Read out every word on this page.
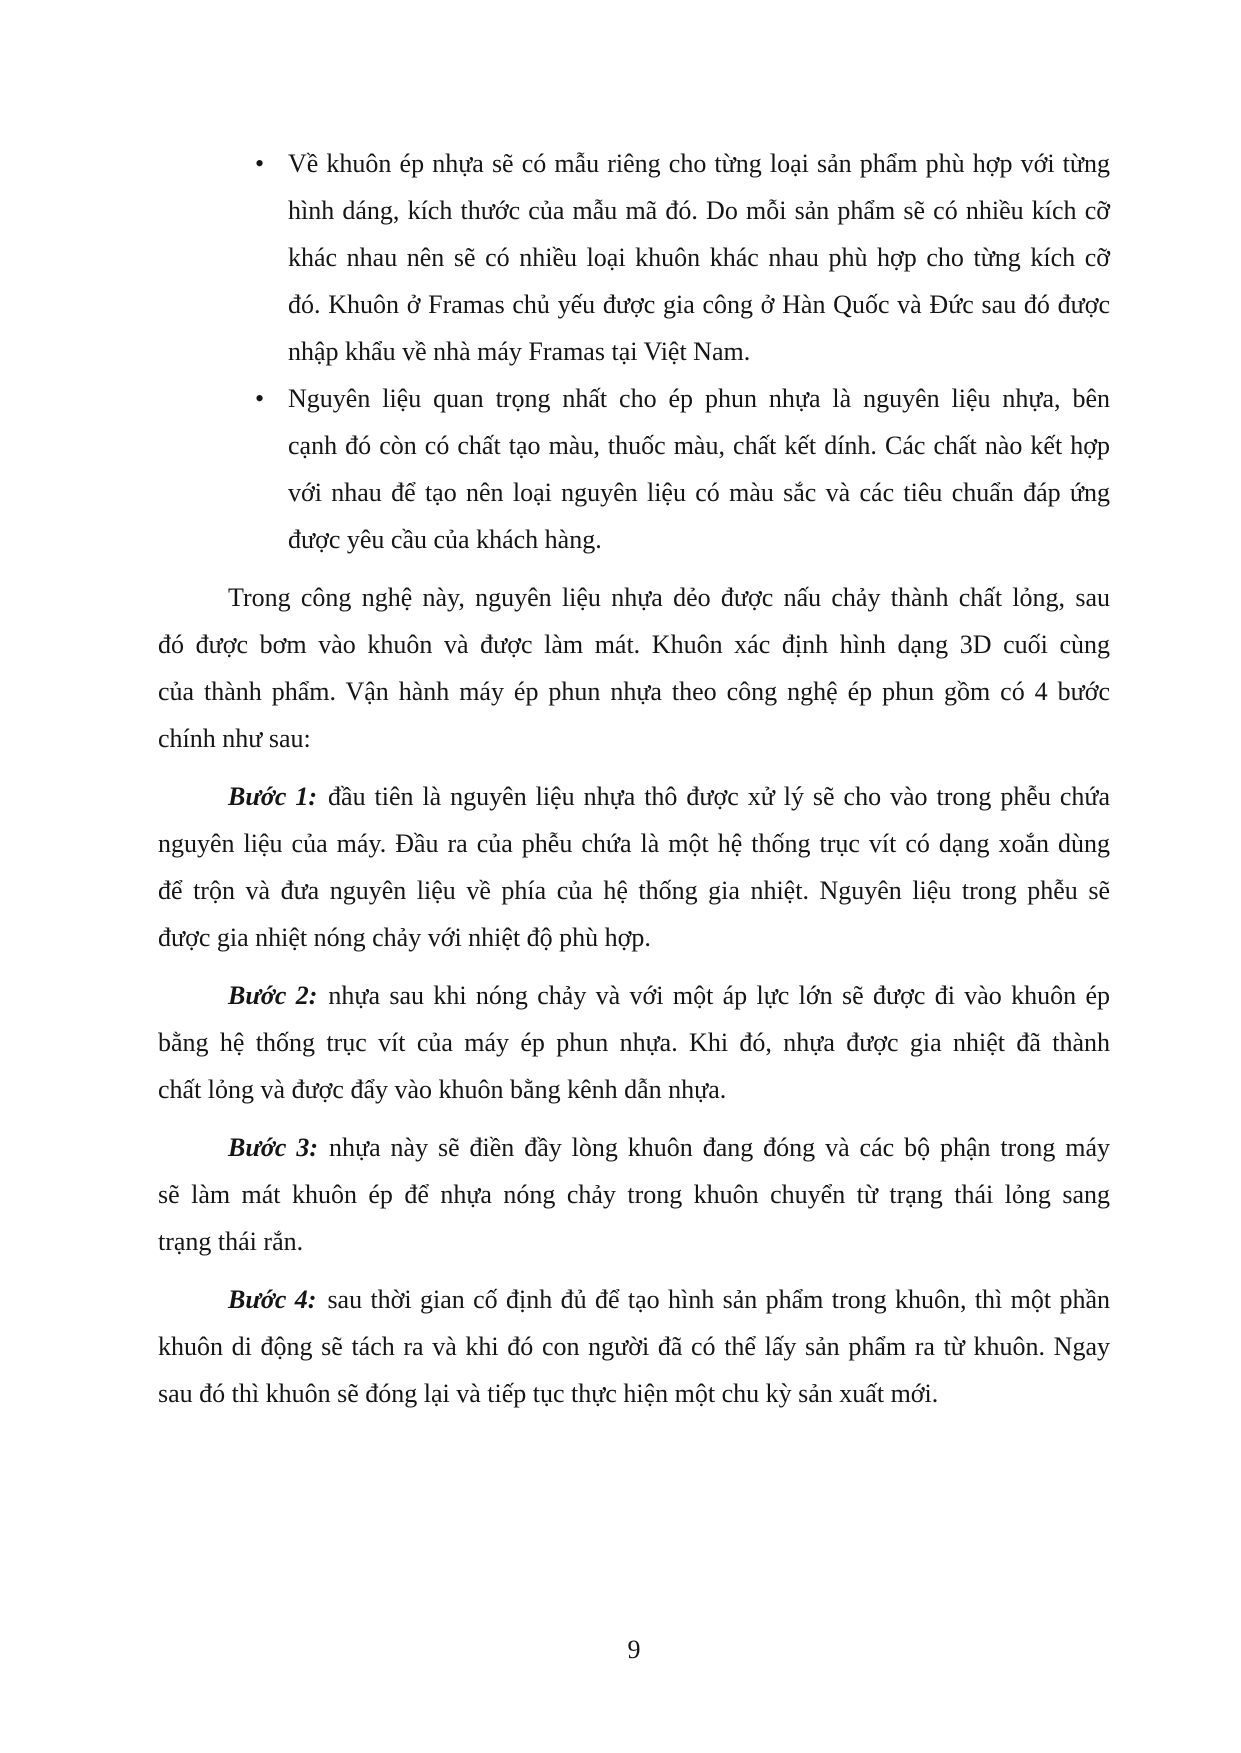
• Về khuôn ép nhựa sẽ có mẫu riêng cho từng loại sản phẩm phù hợp với từng
hình dáng, kích thước của mẫu mã đó. Do mỗi sản phẩm sẽ có nhiều kích cỡ
khác nhau nên sẽ có nhiều loại khuôn khác nhau phù hợp cho từng kích cỡ
đó. Khuôn ở Framas chủ yếu được gia công ở Hàn Quốc và Đức sau đó được
nhập khẩu về nhà máy Framas tại Việt Nam.
• Nguyên liệu quan trọng nhất cho ép phun nhựa là nguyên liệu nhựa, bên
cạnh đó còn có chất tạo màu, thuốc màu, chất kết dính. Các chất nào kết hợp
với nhau để tạo nên loại nguyên liệu có màu sắc và các tiêu chuẩn đáp ứng
được yêu cầu của khách hàng.
Trong công nghệ này, nguyên liệu nhựa dẻo được nấu chảy thành chất lỏng, sau
đó được bơm vào khuôn và được làm mát. Khuôn xác định hình dạng 3D cuối cùng
của thành phẩm. Vận hành máy ép phun nhựa theo công nghệ ép phun gồm có 4 bước
chính như sau:
Bước 1: đầu tiên là nguyên liệu nhựa thô được xử lý sẽ cho vào trong phễu chứa
nguyên liệu của máy. Đầu ra của phễu chứa là một hệ thống trục vít có dạng xoắn dùng
để trộn và đưa nguyên liệu về phía của hệ thống gia nhiệt. Nguyên liệu trong phễu sẽ
được gia nhiệt nóng chảy với nhiệt độ phù hợp.
Bước 2: nhựa sau khi nóng chảy và với một áp lực lớn sẽ được đi vào khuôn ép
bằng hệ thống trục vít của máy ép phun nhựa. Khi đó, nhựa được gia nhiệt đã thành
chất lỏng và được đẩy vào khuôn bằng kênh dẫn nhựa.
Bước 3: nhựa này sẽ điền đầy lòng khuôn đang đóng và các bộ phận trong máy
sẽ làm mát khuôn ép để nhựa nóng chảy trong khuôn chuyển từ trạng thái lỏng sang
trạng thái rắn.
Bước 4: sau thời gian cố định đủ để tạo hình sản phẩm trong khuôn, thì một phần
khuôn di động sẽ tách ra và khi đó con người đã có thể lấy sản phẩm ra từ khuôn. Ngay
sau đó thì khuôn sẽ đóng lại và tiếp tục thực hiện một chu kỳ sản xuất mới.
9
